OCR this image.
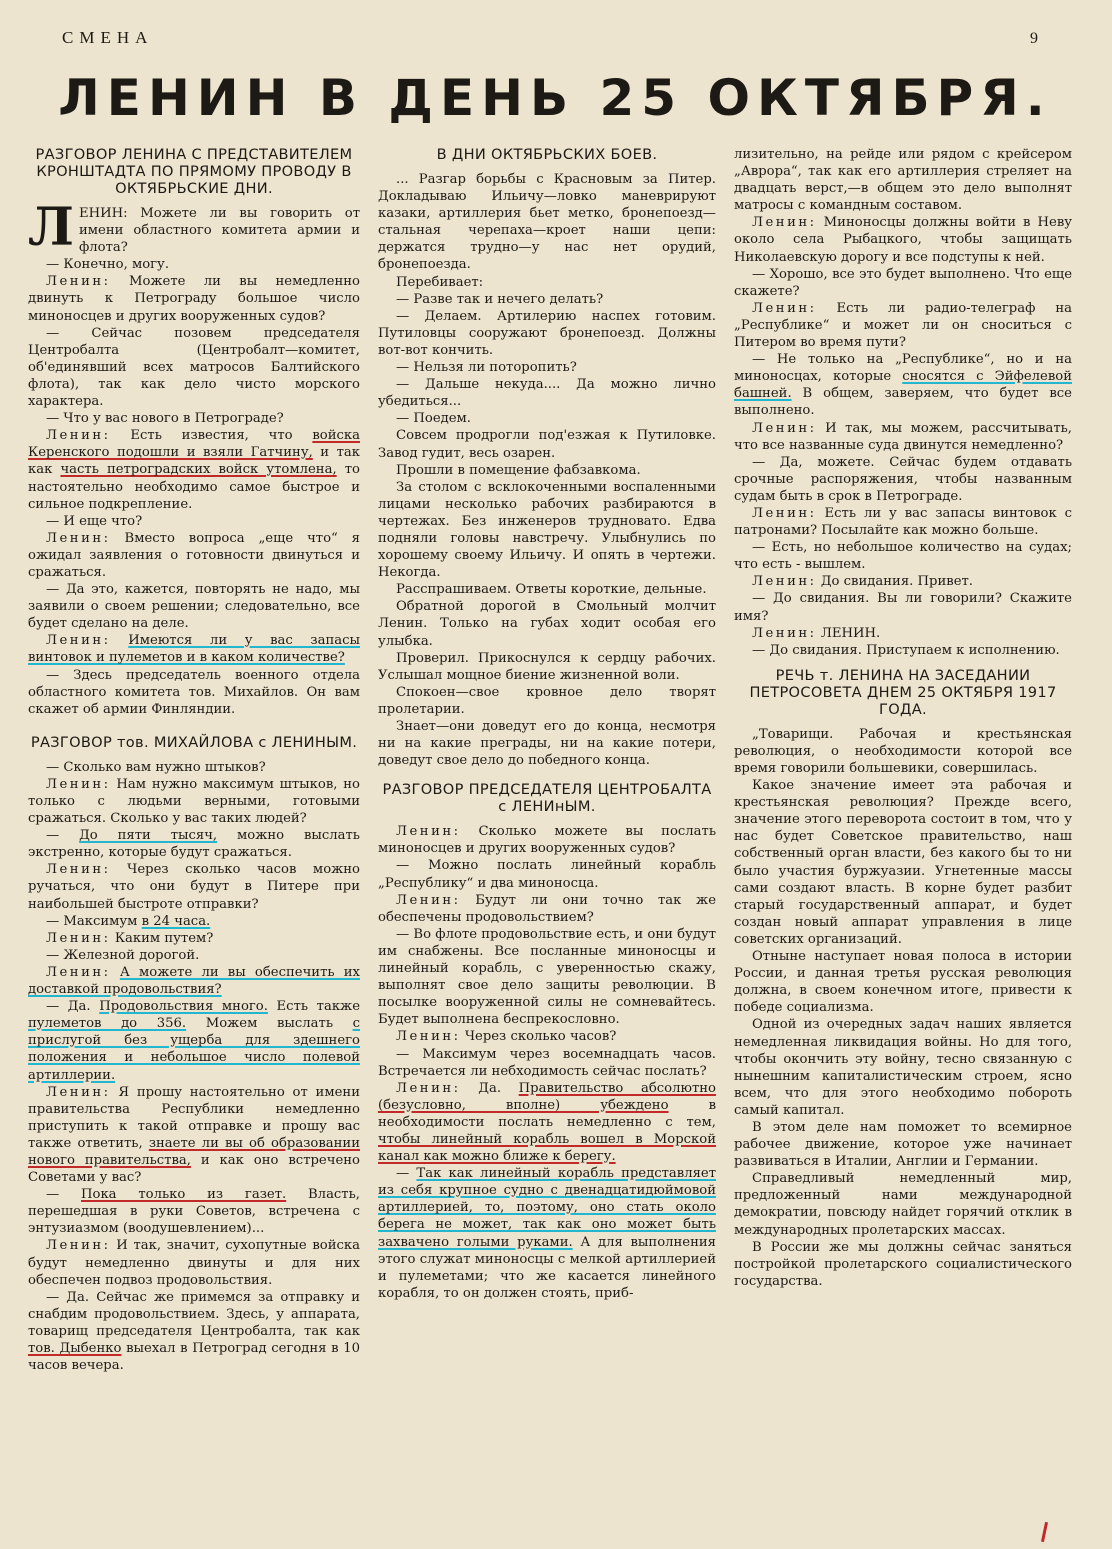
СМЕНА	9
ЛЕНИН В ДЕНЬ 25 ОКТЯБРЯ.
РАЗГОВОР ЛЕНИНА С ПРЕДСТАВИТЕЛЕМ КРОНШТАДТА ПО ПРЯМОМУ ПРОВОДУ В ОКТЯБРЬСКИЕ ДНИ.

ЛЕНИН: Можете ли вы говорить от имени областного комитета армии и флота?

— Конечно, могу.

Ленин: Можете ли вы немедленно двинуть к Петрограду большое число миноносцев и других вооруженных судов?

— Сейчас позовем председателя Центробалта (Центробалт—комитет, об'единявший всех матросов Балтийского флота), так как дело чисто морского характера.

— Что у вас нового в Петрограде?

Ленин: Есть известия, что войска Керенского подошли и взяли Гатчину, и так как часть петроградских войск утомлена, то настоятельно необходимо самое быстрое и сильное подкрепление.

— И еще что?

Ленин: Вместо вопроса „еще что“ я ожидал заявления о готовности двинуться и сражаться.

— Да это, кажется, повторять не надо, мы заявили о своем решении; следовательно, все будет сделано на деле.

Ленин: Имеются ли у вас запасы винтовок и пулеметов и в каком количестве?

— Здесь председатель военного отдела областного комитета тов. Михайлов. Он вам скажет об армии Финляндии.

РАЗГОВОР тов. МИХАЙЛОВА с ЛЕНИНЫМ.

— Сколько вам нужно штыков?

Ленин: Нам нужно максимум штыков, но только с людьми верными, готовыми сражаться. Сколько у вас таких людей?

— До пяти тысяч, можно выслать экстренно, которые будут сражаться.

Ленин: Через сколько часов можно ручаться, что они будут в Питере при наибольшей быстроте отправки?

— Максимум в 24 часа.

Ленин: Каким путем?

— Железной дорогой.

Ленин: А можете ли вы обеспечить их доставкой продовольствия?

— Да. Продовольствия много. Есть также пулеметов до 356. Можем выслать с прислугой без ущерба для здешнего положения и небольшое число полевой артиллерии.

Ленин: Я прошу настоятельно от имени правительства Республики немедленно приступить к такой отправке и прошу вас также ответить, знаете ли вы об образовании нового правительства, и как оно встречено Советами у вас?

— Пока только из газет. Власть, перешедшая в руки Советов, встречена с энтузиазмом (воодушевлением)...

Ленин: И так, значит, сухопутные войска будут немедленно двинуты и для них обеспечен подвоз продовольствия.

— Да. Сейчас же примемся за отправку и снабдим продовольствием. Здесь, у аппарата, товарищ председателя Центробалта, так как тов. Дыбенко выехал в Петроград сегодня в 10 часов вечера.

В ДНИ ОКТЯБРЬСКИХ БОЕВ.

... Разгар борьбы с Красновым за Питер. Докладываю Ильичу—ловко маневрируют казаки, артиллерия бьет метко, бронепоезд—стальная черепаха—кроет наши цепи: держатся трудно—у нас нет орудий, бронепоезда.

Перебивает:

— Разве так и нечего делать?

— Делаем. Артилерию наспех готовим. Путиловцы сооружают бронепоезд. Должны вот-вот кончить.

— Нельзя ли поторопить?

— Дальше некуда.... Да можно лично убедиться...

— Поедем.

Совсем продрогли под'езжая к Путиловке. Завод гудит, весь озарен.

Прошли в помещение фабзавкома.

За столом с всклокоченными воспаленными лицами несколько рабочих разбираются в чертежах. Без инженеров трудновато. Едва подняли головы навстречу. Улыбнулись по хорошему своему Ильичу. И опять в чертежи. Некогда.

Расспрашиваем. Ответы короткие, дельные.

Обратной дорогой в Смольный молчит Ленин. Только на губах ходит особая его улыбка.

Проверил. Прикоснулся к сердцу рабочих. Услышал мощное биение жизненной воли.

Спокоен—свое кровное дело творят пролетарии.

Знает—они доведут его до конца, несмотря ни на какие преграды, ни на какие потери, доведут свое дело до победного конца.

РАЗГОВОР ПРЕДСЕДАТЕЛЯ ЦЕНТРОБАЛТА с ЛЕНИнЫМ.

Ленин: Сколько можете вы послать миноносцев и других вооруженных судов?

— Можно послать линейный корабль „Республику“ и два миноносца.

Ленин: Будут ли они точно так же обеспечены продовольствием?

— Во флоте продовольствие есть, и они будут им снабжены. Все посланные миноносцы и линейный корабль, с уверенностью скажу, выполнят свое дело защиты революции. В посылке вооруженной силы не сомневайтесь. Будет выполнена беспрекословно.

Ленин: Через сколько часов?

— Максимум через восемнадцать часов. Встречается ли небходимость сейчас послать?

Ленин: Да. Правительство абсолютно (безусловно, вполне) убеждено в необходимости послать немедленно с тем, чтобы линейный корабль вошел в Морской канал как можно ближе к берегу.

— Так как линейный корабль представляет из себя крупное судно с двенадцатидюймовой артиллерией, то, поэтому, оно стать около берега не может, так как оно может быть захвачено голыми руками. А для выполнения этого служат миноносцы с мелкой артиллерией и пулеметами; что же касается линейного корабля, то он должен стоять, приб-

лизительно, на рейде или рядом с крейсером „Аврора“, так как его артиллерия стреляет на двадцать верст,—в общем это дело выполнят матросы с командным составом.

Ленин: Миноносцы должны войти в Неву около села Рыбацкого, чтобы защищать Николаевскую дорогу и все подступы к ней.

— Хорошо, все это будет выполнено. Что еще скажете?

Ленин: Есть ли радио-телеграф на „Республике“ и может ли он сноситься с Питером во время пути?

— Не только на „Республике“, но и на миноносцах, которые сносятся с Эйфелевой башней. В общем, заверяем, что будет все выполнено.

Ленин: И так, мы можем, рассчитывать, что все названные суда двинутся немедленно?

— Да, можете. Сейчас будем отдавать срочные распоряжения, чтобы названным судам быть в срок в Петрограде.

Ленин: Есть ли у вас запасы винтовок с патронами? Посылайте как можно больше.

— Есть, но небольшое количество на судах; что есть - вышлем.

Ленин: До свидания. Привет.

— До свидания. Вы ли говорили? Скажите имя?

Ленин: ЛЕНИН.

— До свидания. Приступаем к исполнению.

РЕЧЬ т. ЛЕНИНА НА ЗАСЕДАНИИ ПЕТРОСОВЕТА ДНЕМ 25 ОКТЯБРЯ 1917 ГОДА.

„Товарищи. Рабочая и крестьянская революция, о необходимости которой все время говорили большевики, совершилась.

Какое значение имеет эта рабочая и крестьянская революция? Прежде всего, значение этого переворота состоит в том, что у нас будет Советское правительство, наш собственный орган власти, без какого бы то ни было участия буржуазии. Угнетенные массы сами создают власть. В корне будет разбит старый государственный аппарат, и будет создан новый аппарат управления в лице советских организаций.

Отныне наступает новая полоса в истории России, и данная третья русская революция должна, в своем конечном итоге, привести к победе социализма.

Одной из очередных задач наших является немедленная ликвидация войны. Но для того, чтобы окончить эту войну, тесно связанную с нынешним капиталистическим строем, ясно всем, что для этого необходимо побороть самый капитал.

В этом деле нам поможет то всемирное рабочее движение, которое уже начинает развиваться в Италии, Англии и Германии.

Справедливый немедленный мир, предложенный нами международной демократии, повсюду найдет горячий отклик в международных пролетарских массах.

В России же мы должны сейчас заняться постройкой пролетарского социалистического государства.
